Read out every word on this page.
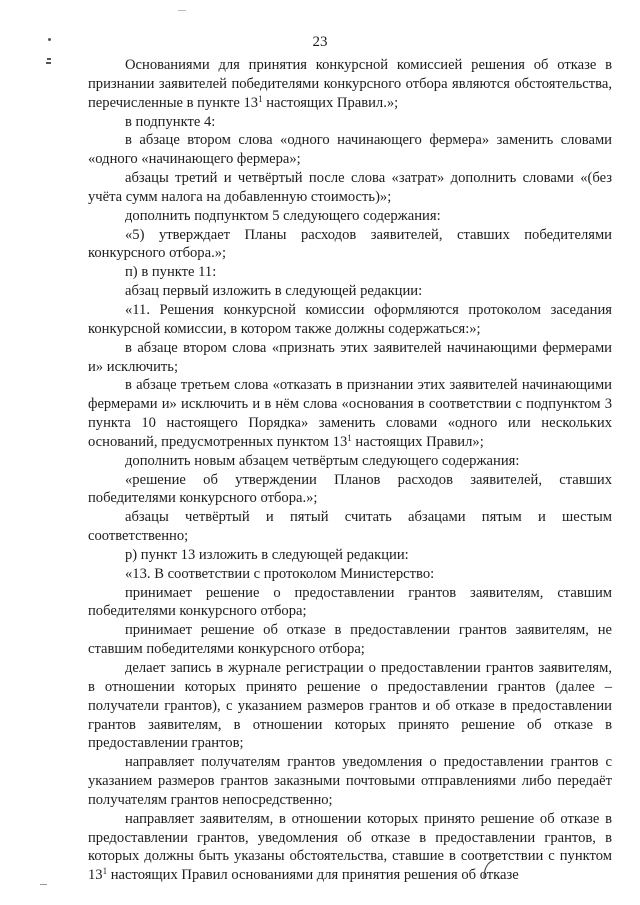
23

Основаниями для принятия конкурсной комиссией решения об отказе в признании заявителей победителями конкурсного отбора являются обстоятельства, перечисленные в пункте $13^1$ настоящих Правил.»;

в подпункте 4:

в абзаце втором слова «одного начинающего фермера» заменить словами «одного «начинающего фермера»;

абзацы третий и четвёртый после слова «затрат» дополнить словами «(без учёта сумм налога на добавленную стоимость)»;

дополнить подпунктом 5 следующего содержания:

«5) утверждает Планы расходов заявителей, ставших победителями конкурсного отбора.»;

п) в пункте 11:

абзац первый изложить в следующей редакции:

«11. Решения конкурсной комиссии оформляются протоколом заседания конкурсной комиссии, в котором также должны содержаться:»;

в абзаце втором слова «признать этих заявителей начинающими фермерами и» исключить;

в абзаце третьем слова «отказать в признании этих заявителей начинающими фермерами и» исключить и в нём слова «основания в соответствии с подпунктом 3 пункта 10 настоящего Порядка» заменить словами «одного или нескольких оснований, предусмотренных пунктом $13^1$ настоящих Правил»;

дополнить новым абзацем четвёртым следующего содержания:

«решение об утверждении Планов расходов заявителей, ставших победителями конкурсного отбора.»;

абзацы четвёртый и пятый считать абзацами пятым и шестым соответственно;

р) пункт 13 изложить в следующей редакции:

«13. В соответствии с протоколом Министерство:

принимает решение о предоставлении грантов заявителям, ставшим победителями конкурсного отбора;

принимает решение об отказе в предоставлении грантов заявителям, не ставшим победителями конкурсного отбора;

делает запись в журнале регистрации о предоставлении грантов заявителям, в отношении которых принято решение о предоставлении грантов (далее – получатели грантов), с указанием размеров грантов и об отказе в предоставлении грантов заявителям, в отношении которых принято решение об отказе в предоставлении грантов;

направляет получателям грантов уведомления о предоставлении грантов с указанием размеров грантов заказными почтовыми отправлениями либо передаёт получателям грантов непосредственно;

направляет заявителям, в отношении которых принято решение об отказе в предоставлении грантов, уведомления об отказе в предоставлении грантов, в которых должны быть указаны обстоятельства, ставшие в соответствии с пунктом $13^1$ настоящих Правил основаниями для принятия решения об отказе
